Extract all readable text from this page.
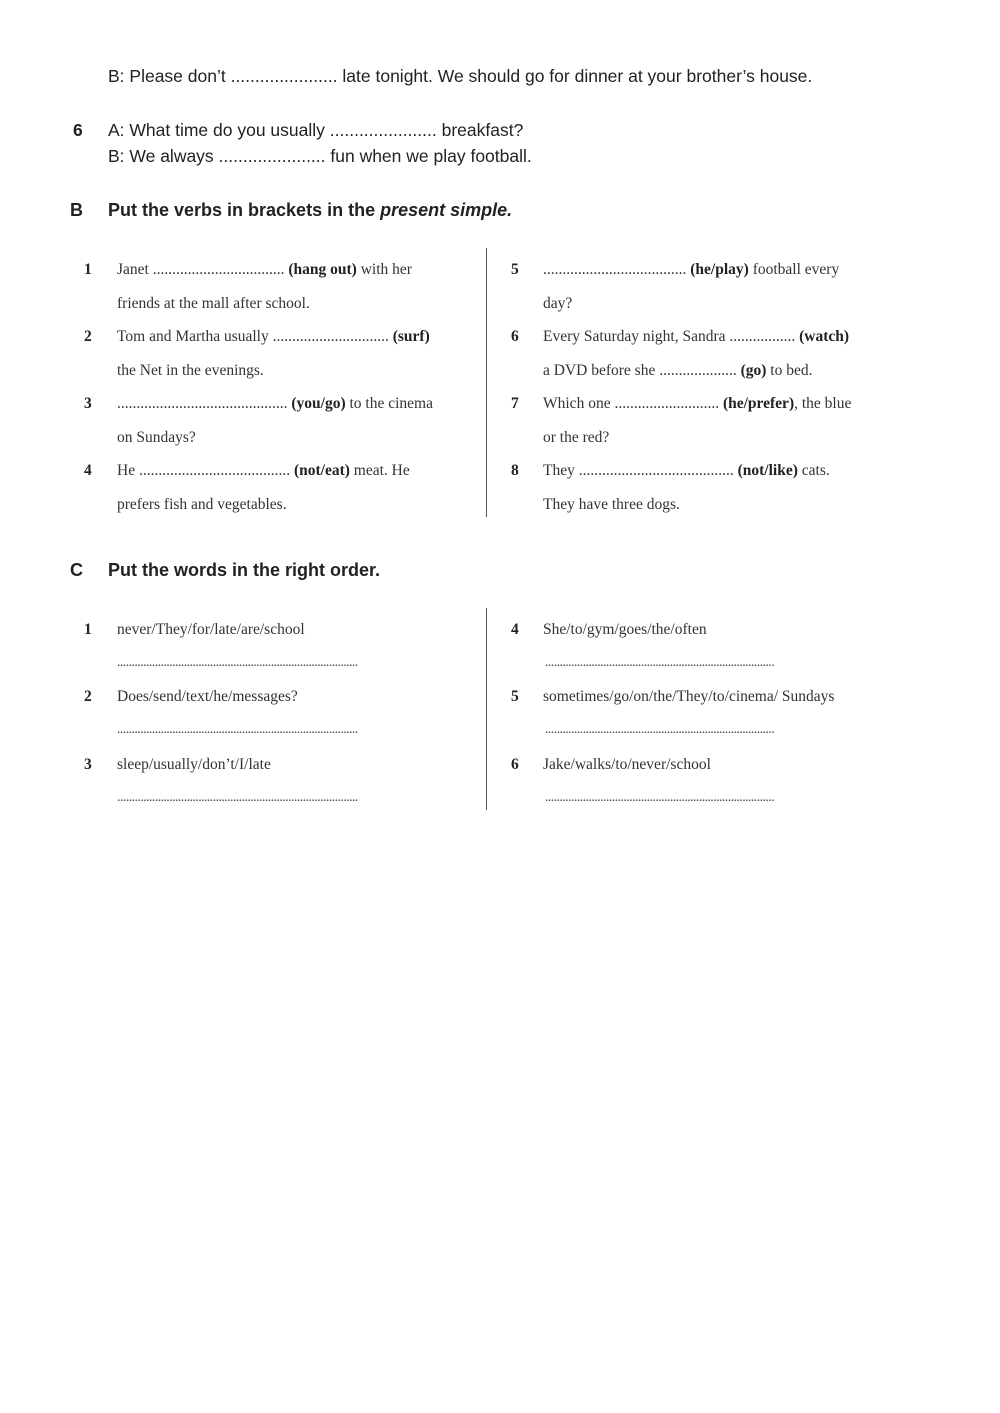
B: Please don’t ...................... late tonight. We should go for dinner at your brother’s house.
6 A: What time do you usually ...................... breakfast?
B: We always ...................... fun when we play football.
B Put the verbs in brackets in the present simple.
1 Janet .................................. (hang out) with her
friends at the mall after school.
2 Tom and Martha usually .............................. (surf)
the Net in the evenings.
3 ............................................ (you/go) to the cinema
on Sundays?
4 He ....................................... (not/eat) meat. He
prefers fish and vegetables.
5 ..................................... (he/play) football every
day?
6 Every Saturday night, Sandra ................. (watch)
a DVD before she .................... (go) to bed.
7 Which one ........................... (he/prefer), the blue
or the red?
8 They ........................................ (not/like) cats.
They have three dogs.
C Put the words in the right order.
1 never/They/for/late/are/school
...................................................................................
2 Does/send/text/he/messages?
...................................................................................
3 sleep/usually/don’t/I/late
...................................................................................
4 She/to/gym/goes/the/often
...............................................................................
5 sometimes/go/on/the/They/to/cinema/ Sundays
...............................................................................
6 Jake/walks/to/never/school
...............................................................................
